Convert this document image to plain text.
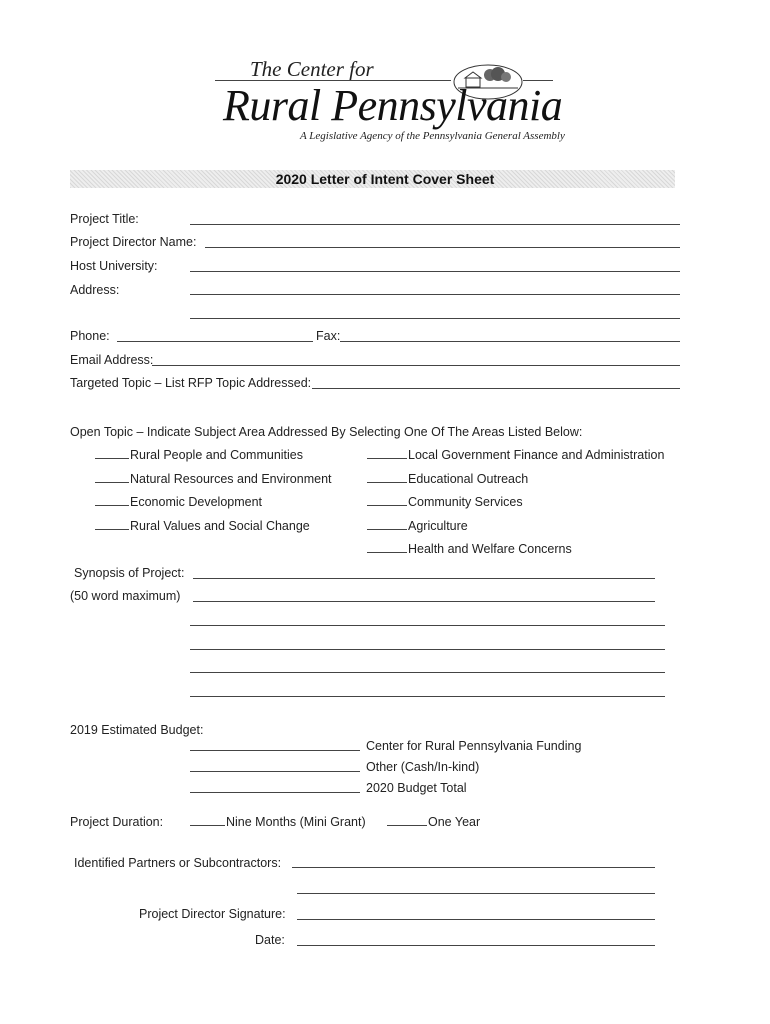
The Center for
Rural Pennsylvania
A Legislative Agency of the Pennsylvania General Assembly
2020 Letter of Intent Cover Sheet
Project Title:
Project Director Name:
Host University:
Address:
Phone:	Fax:
Email Address:
Targeted Topic – List RFP Topic Addressed:
Open Topic – Indicate Subject Area Addressed By Selecting One Of The Areas Listed Below:
Rural People and Communities
Natural Resources and Environment
Economic Development
Rural Values and Social Change
Local Government Finance and Administration
Educational Outreach
Community Services
Agriculture
Health and Welfare Concerns
Synopsis of Project:
(50 word maximum)
2019 Estimated Budget:
Center for Rural Pennsylvania Funding
Other (Cash/In-kind)
2020 Budget Total
Project Duration:	Nine Months (Mini Grant)	One Year
Identified Partners or Subcontractors:
Project Director Signature:
Date:
